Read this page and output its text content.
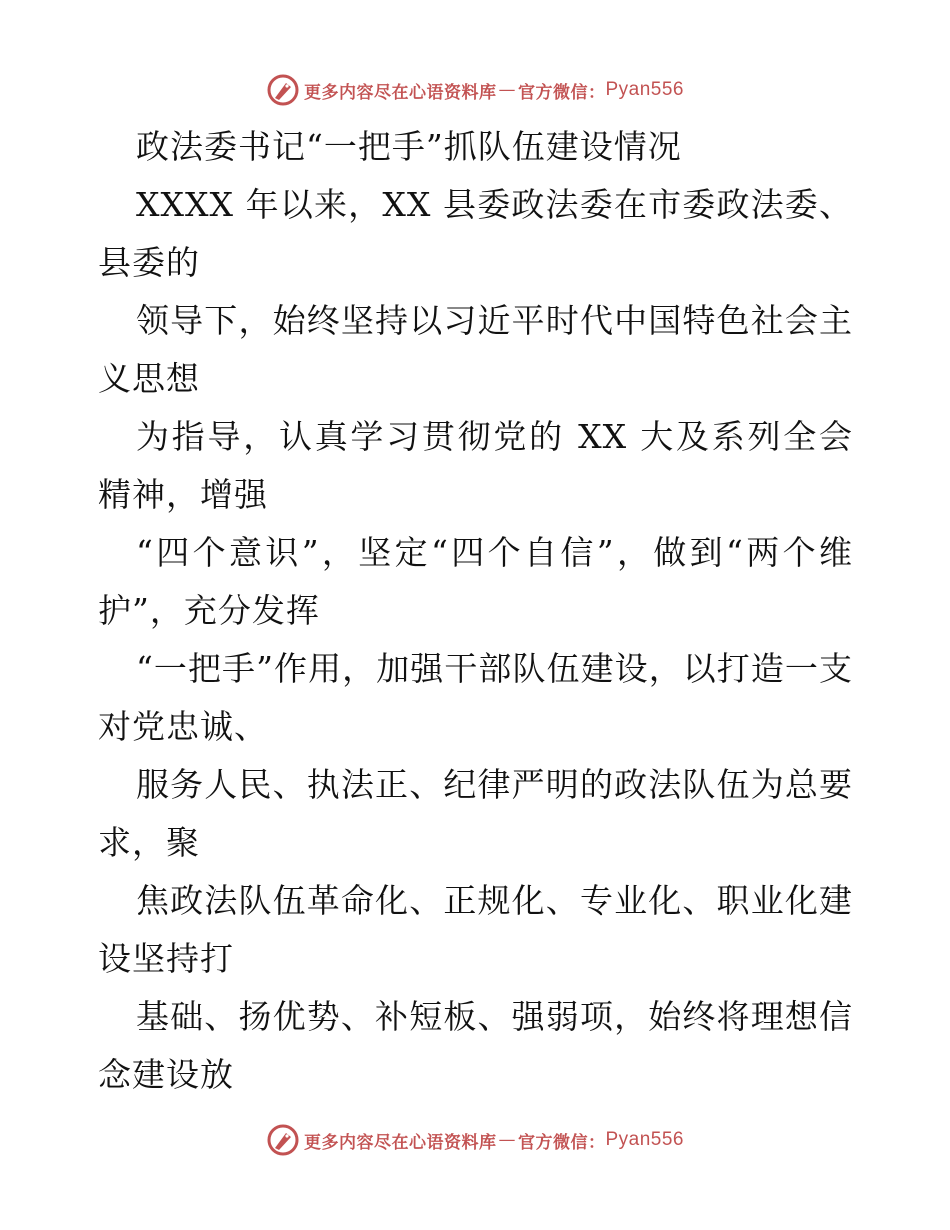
更多内容尽在心语资料库 — 官方微信： Pyan556

政法委书记“一把手”抓队伍建设情况

XXXX 年以来，XX 县委政法委在市委政法委、县委的

领导下，始终坚持以习近平时代中国特色社会主义思想

为指导，认真学习贯彻党的 XX 大及系列全会精神，增强

“四个意识”，坚定“四个自信”，做到“两个维护”，充分发挥

“一把手”作用，加强干部队伍建设，以打造一支对党忠诚、

服务人民、执法正、纪律严明的政法队伍为总要求，聚

焦政法队伍革命化、正规化、专业化、职业化建设坚持打

基础、扬优势、补短板、强弱项，始终将理想信念建设放

更多内容尽在心语资料库 — 官方微信： Pyan556
